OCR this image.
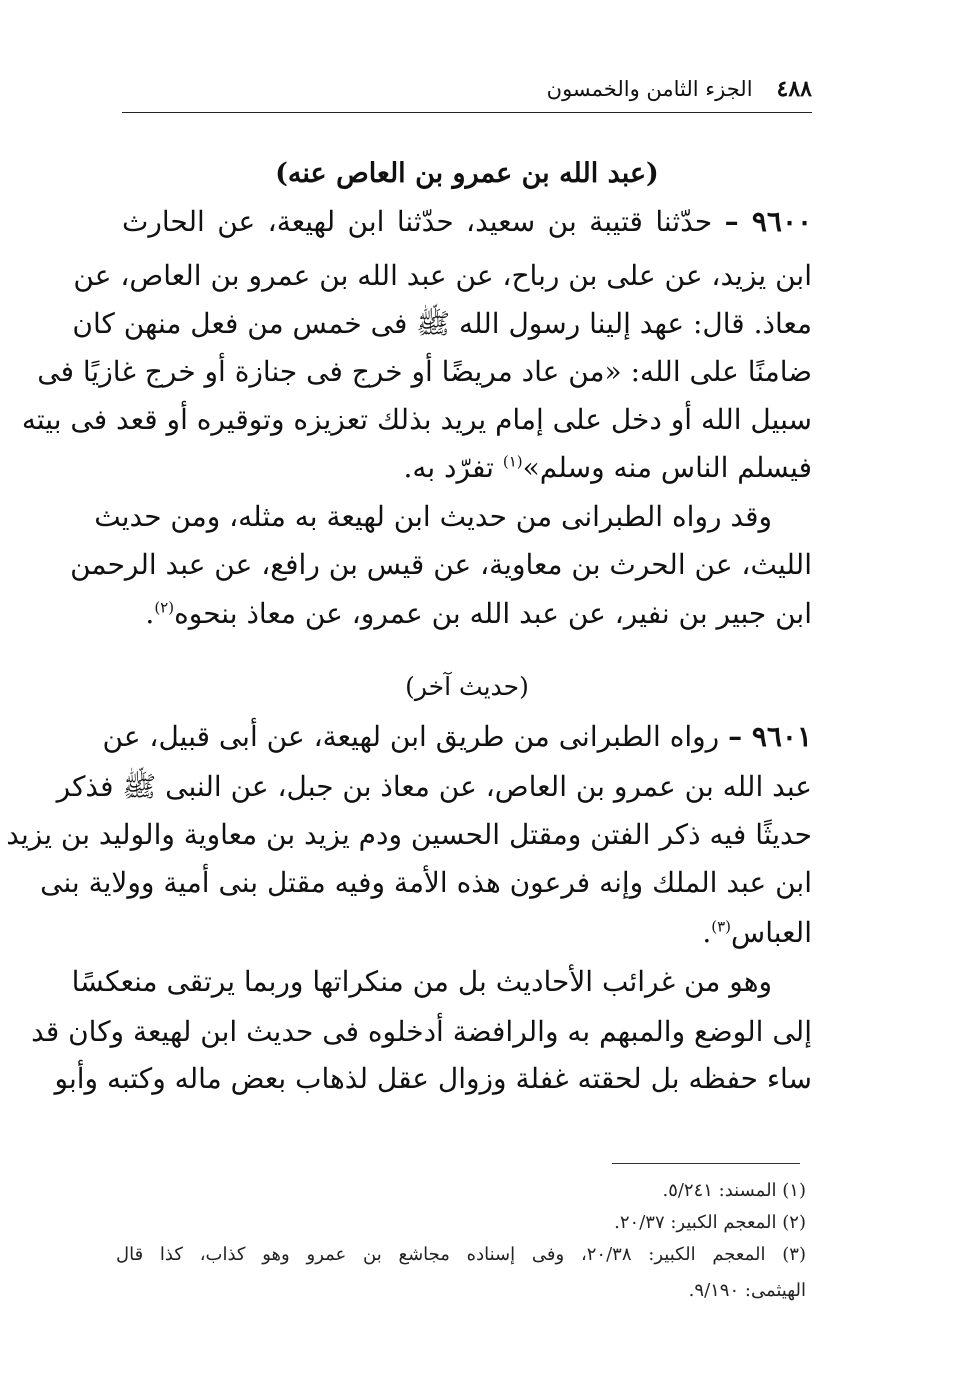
٤٨٨
الجزء الثامن والخمسون
(عبد الله بن عمرو بن العاص عنه)
٩٦٠٠ – حدّثنا قتيبة بن سعيد، حدّثنا ابن لهيعة، عن الحارث
ابن يزيد، عن على بن رباح، عن عبد الله بن عمرو بن العاص، عن
معاذ. قال: عهد إلينا رسول الله ﷺ فى خمس من فعل منهن كان
ضامنًا على الله: «من عاد مريضًا أو خرج فى جنازة أو خرج غازيًا فى
سبيل الله أو دخل على إمام يريد بذلك تعزيزه وتوقيره أو قعد فى بيته
فيسلم الناس منه وسلم»$^{(١)}$ تفرّد به.
وقد رواه الطبرانى من حديث ابن لهيعة به مثله، ومن حديث
الليث، عن الحرث بن معاوية، عن قيس بن رافع، عن عبد الرحمن
ابن جبير بن نفير، عن عبد الله بن عمرو، عن معاذ بنحوه$^{(٢)}$.
(حديث آخر)
٩٦٠١ – رواه الطبرانى من طريق ابن لهيعة، عن أبى قبيل، عن
عبد الله بن عمرو بن العاص، عن معاذ بن جبل، عن النبى ﷺ فذكر
حديثًا فيه ذكر الفتن ومقتل الحسين ودم يزيد بن معاوية والوليد بن يزيد
ابن عبد الملك وإنه فرعون هذه الأمة وفيه مقتل بنى أمية وولاية بنى
العباس$^{(٣)}$.
وهو من غرائب الأحاديث بل من منكراتها وربما يرتقى منعكسًا
إلى الوضع والمبهم به والرافضة أدخلوه فى حديث ابن لهيعة وكان قد
ساء حفظه بل لحقته غفلة وزوال عقل لذهاب بعض ماله وكتبه وأبو
(١) المسند: ٥/٢٤١.
(٢) المعجم الكبير: ٢٠/٣٧.
(٣) المعجم الكبير: ٢٠/٣٨، وفى إسناده مجاشع بن عمرو وهو كذاب، كذا قال
الهيثمى: ٩/١٩٠.
